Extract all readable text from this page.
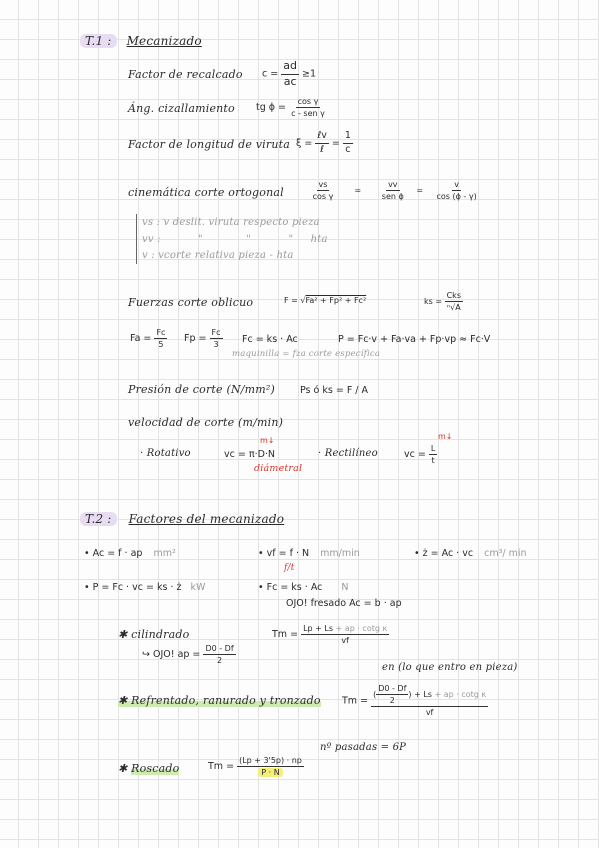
T.1 : Mecanizado
Factor de recalcado $c = \frac{ad}{ac} \ge 1$
Áng. cizallamiento tg $\phi = \frac{\text{cos γ}}{\text{c - sen γ}}$
Factor de longitud de viruta $\xi = \frac{\text{ℓv}}{\text{ℓ}} = \frac{1}{c}$
cinemática corte ortogonal	$\frac{vs}{\text{cos γ}} = \frac{vv}{\text{sen ϕ}} = \frac{v}{\cos (\phi - \gamma)}$
vs : v deslit. viruta respecto pieza
vv :	"	"	" hta
v : vcorte relativa pieza - hta
Fuerzas corte oblicuo	F = √Fa² + Fp² + Fc²	ks = $\frac{\text{Cks}}{\text{ⁿ√A}}$
$Fa = \frac{Fc}{5}$ $Fp = \frac{Fc}{3}$ Fc = ks · Ac	P = Fc·v + Fa·va + Fp·vp ≈ Fc·V
maquinilla = fza corte específica
Presión de corte (N/mm²)	Ps ó ks = F / A
velocidad de corte (m/min)
· Rotativo
m↓
vc = π·D·N
diámetral
· Rectilíneo	vc = $\frac{L}{t}$
m↓
T.2 : Factores del mecanizado
• Ac = f · ap mm²	• vf = f · N mm/min
f/t
• ż = Ac · vc cm³/ min
• P = Fc · vc = ks · ż kW	• Fc = ks · Ac N
OJO! fresado Ac = b · ap
✱ cilindrado	$Tm = \frac{\text{Lp + Ls + ap · cotg κ}}{vf}$
↪ OJO! ap = $\frac{D0 - Df}{2}$
en (lo que entro en pieza)
✱ Refrentado, ranurado y tronzado $Tm = \frac{( \frac{D0 - Df}{2} ) + Ls + ap \cdot \cot g \kappa}{vf}$
nº pasadas = 6P
✱ Roscado	$Tm = \frac{(Lp + 3'5p) \cdot np}{P \cdot N}$
